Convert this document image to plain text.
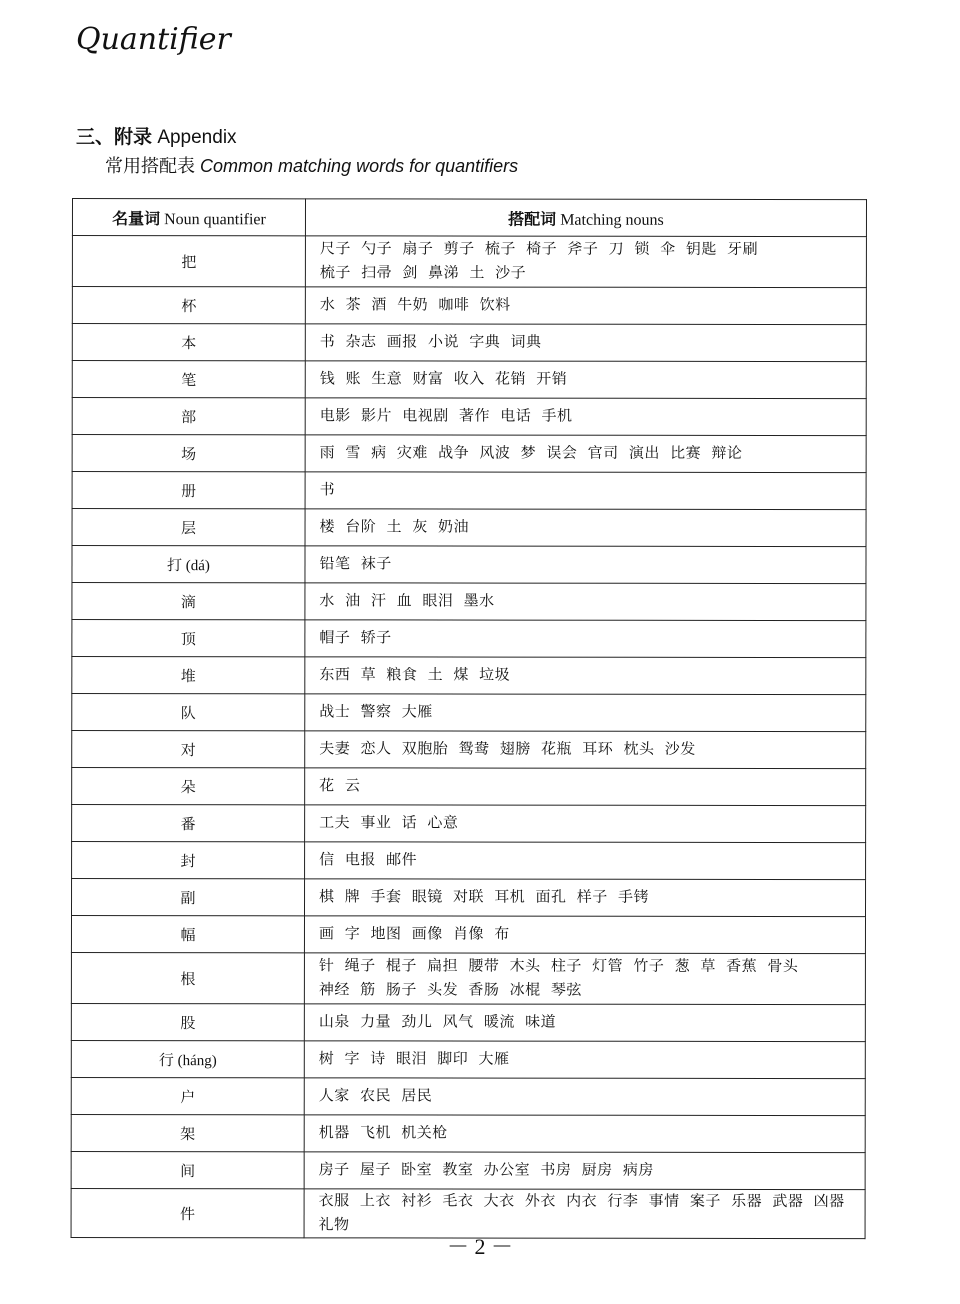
Quantifier
三、附录 Appendix
常用搭配表 Common matching words for quantifiers
名量词 Noun quantifier	搭配词 Matching nouns
把	尺子 勺子 扇子 剪子 梳子 椅子 斧子 刀 锁 伞 钥匙 牙刷
梳子 扫帚 剑 鼻涕 土 沙子

杯	水 茶 酒 牛奶 咖啡 饮料

本	书 杂志 画报 小说 字典 词典

笔	钱 账 生意 财富 收入 花销 开销

部	电影 影片 电视剧 著作 电话 手机

场	雨 雪 病 灾难 战争 风波 梦 误会 官司 演出 比赛 辩论

册	书

层	楼 台阶 土 灰 奶油

打 (dá)	铅笔 袜子

滴	水 油 汗 血 眼泪 墨水

顶	帽子 轿子

堆	东西 草 粮食 土 煤 垃圾

队	战士 警察 大雁

对	夫妻 恋人 双胞胎 鸳鸯 翅膀 花瓶 耳环 枕头 沙发

朵	花 云

番	工夫 事业 话 心意

封	信 电报 邮件

副	棋 牌 手套 眼镜 对联 耳机 面孔 样子 手铐

幅	画 字 地图 画像 肖像 布

根	针 绳子 棍子 扁担 腰带 木头 柱子 灯管 竹子 葱 草 香蕉 骨头
神经 筋 肠子 头发 香肠 冰棍 琴弦

股	山泉 力量 劲儿 风气 暖流 味道

行 (háng)	树 字 诗 眼泪 脚印 大雁

户	人家 农民 居民

架	机器 飞机 机关枪

间	房子 屋子 卧室 教室 办公室 书房 厨房 病房

件	衣服 上衣 衬衫 毛衣 大衣 外衣 内衣 行李 事情 案子 乐器 武器 凶器 礼物
－ 2 －
